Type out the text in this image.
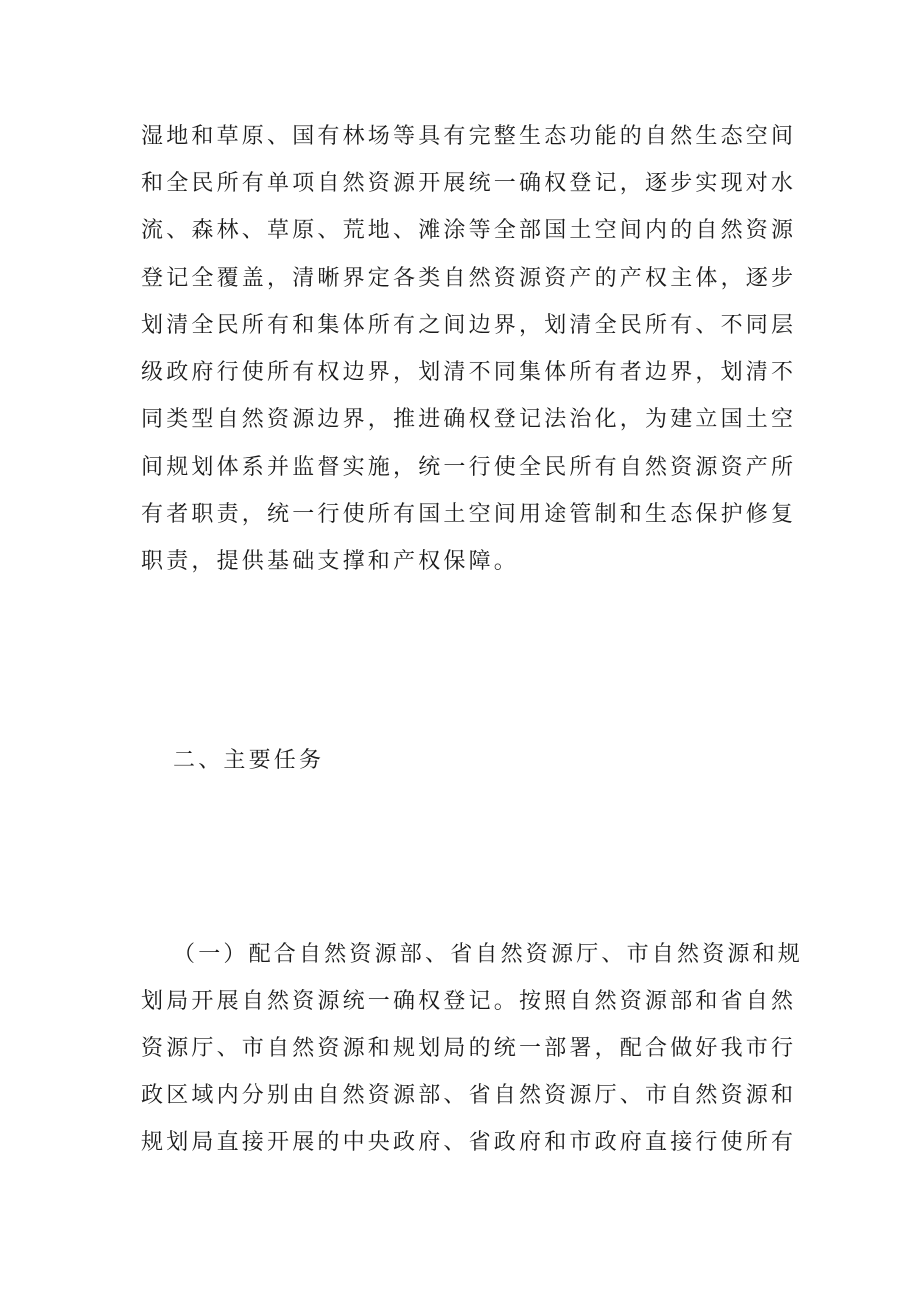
湿地和草原、国有林场等具有完整生态功能的自然生态空间
和全民所有单项自然资源开展统一确权登记，逐步实现对水
流、森林、草原、荒地、滩涂等全部国土空间内的自然资源
登记全覆盖，清晰界定各类自然资源资产的产权主体，逐步
划清全民所有和集体所有之间边界，划清全民所有、不同层
级政府行使所有权边界，划清不同集体所有者边界，划清不
同类型自然资源边界，推进确权登记法治化，为建立国土空
间规划体系并监督实施，统一行使全民所有自然资源资产所
有者职责，统一行使所有国土空间用途管制和生态保护修复
职责，提供基础支撑和产权保障。
二、主要任务
（一）配合自然资源部、省自然资源厅、市自然资源和规
划局开展自然资源统一确权登记。按照自然资源部和省自然
资源厅、市自然资源和规划局的统一部署，配合做好我市行
政区域内分别由自然资源部、省自然资源厅、市自然资源和
规划局直接开展的中央政府、省政府和市政府直接行使所有
